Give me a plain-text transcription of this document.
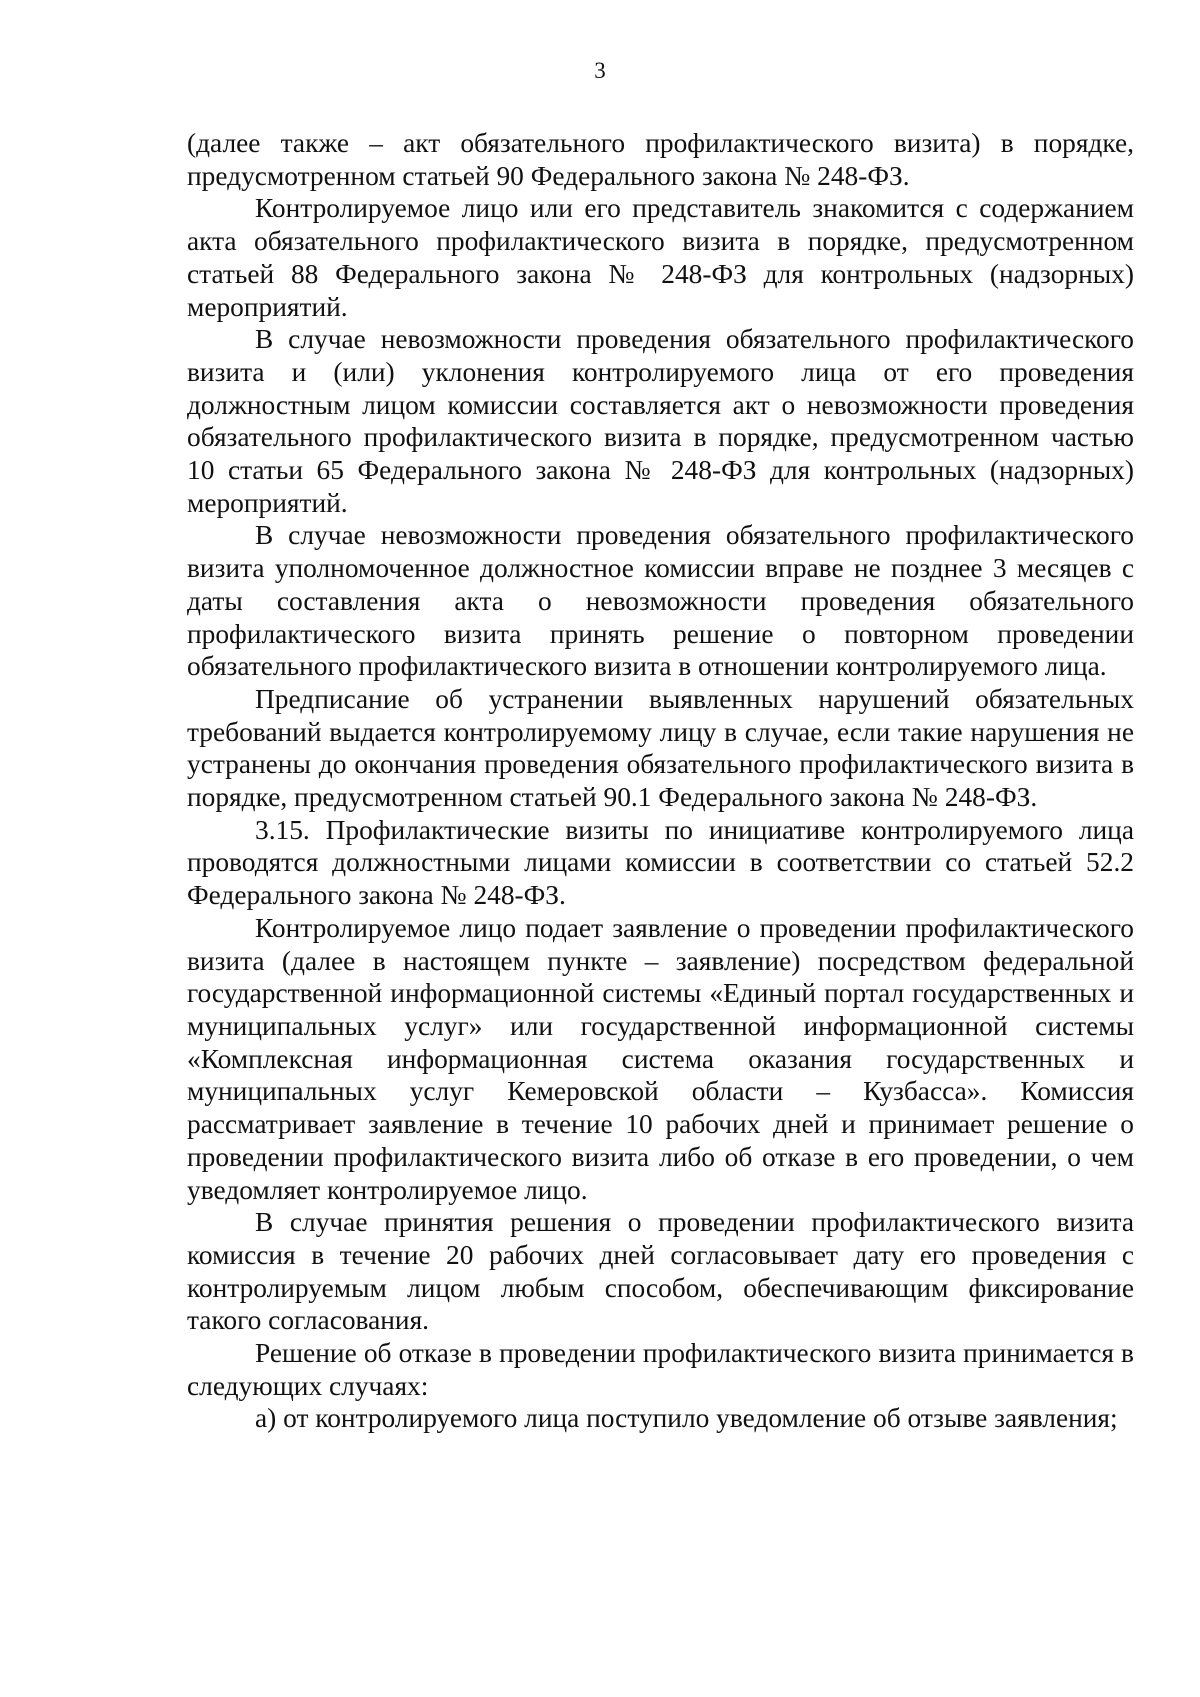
3

(далее также – акт обязательного профилактического визита) в порядке, предусмотренном статьей 90 Федерального закона № 248-ФЗ.

Контролируемое лицо или его представитель знакомится с содержанием акта обязательного профилактического визита в порядке, предусмотренном статьей 88 Федерального закона № 248-ФЗ для контрольных (надзорных) мероприятий.

В случае невозможности проведения обязательного профилактического визита и (или) уклонения контролируемого лица от его проведения должностным лицом комиссии составляется акт о невозможности проведения обязательного профилактического визита в порядке, предусмотренном частью 10 статьи 65 Федерального закона № 248-ФЗ для контрольных (надзорных) мероприятий.

В случае невозможности проведения обязательного профилактического визита уполномоченное должностное комиссии вправе не позднее 3 месяцев с даты составления акта о невозможности проведения обязательного профилактического визита принять решение о повторном проведении обязательного профилактического визита в отношении контролируемого лица.

Предписание об устранении выявленных нарушений обязательных требований выдается контролируемому лицу в случае, если такие нарушения не устранены до окончания проведения обязательного профилактического визита в порядке, предусмотренном статьей 90.1 Федерального закона № 248-ФЗ.

3.15. Профилактические визиты по инициативе контролируемого лица проводятся должностными лицами комиссии в соответствии со статьей 52.2 Федерального закона № 248-ФЗ.

Контролируемое лицо подает заявление о проведении профилактического визита (далее в настоящем пункте – заявление) посредством федеральной государственной информационной системы «Единый портал государственных и муниципальных услуг» или государственной информационной системы «Комплексная информационная система оказания государственных и муниципальных услуг Кемеровской области – Кузбасса». Комиссия рассматривает заявление в течение 10 рабочих дней и принимает решение о проведении профилактического визита либо об отказе в его проведении, о чем уведомляет контролируемое лицо.

В случае принятия решения о проведении профилактического визита комиссия в течение 20 рабочих дней согласовывает дату его проведения с контролируемым лицом любым способом, обеспечивающим фиксирование такого согласования.

Решение об отказе в проведении профилактического визита принимается в следующих случаях:

а) от контролируемого лица поступило уведомление об отзыве заявления;
